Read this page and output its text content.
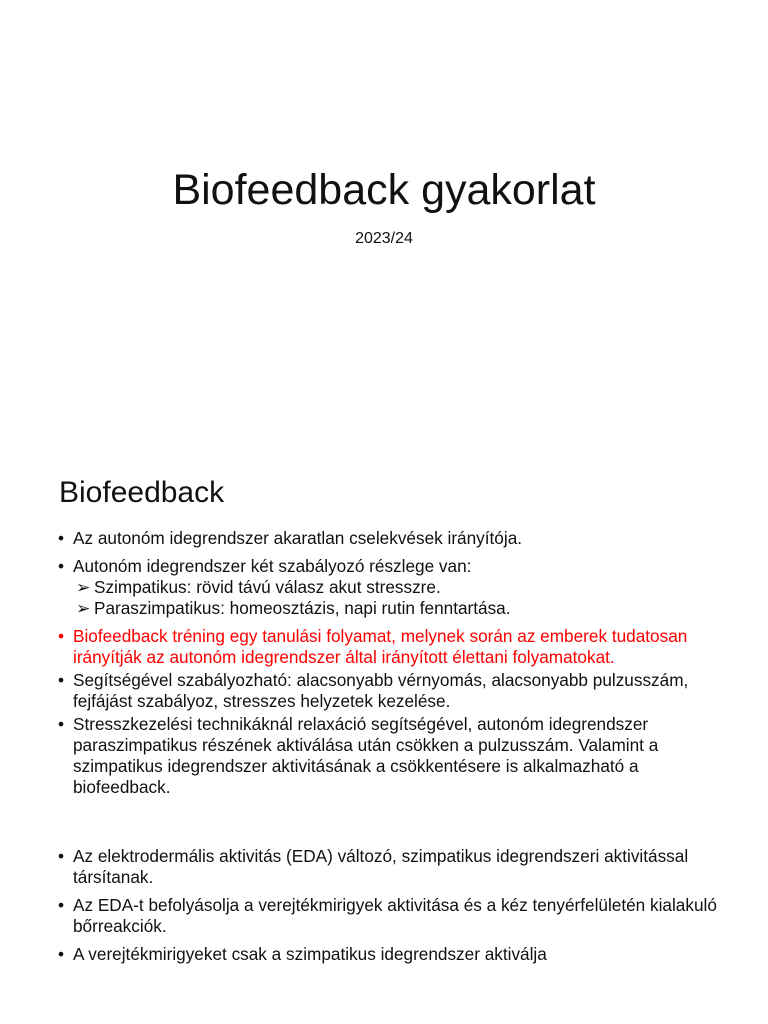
Biofeedback gyakorlat
2023/24
Biofeedback
• Az autonóm idegrendszer akaratlan cselekvések irányítója.
• Autonóm idegrendszer két szabályozó részlege van:
➢ Szimpatikus: rövid távú válasz akut stresszre.
➢ Paraszimpatikus: homeosztázis, napi rutin fenntartása.
• Biofeedback tréning egy tanulási folyamat, melynek során az emberek tudatosan irányítják az autonóm idegrendszer által irányított élettani folyamatokat.
• Segítségével szabályozható: alacsonyabb vérnyomás, alacsonyabb pulzusszám, fejfájást szabályoz, stresszes helyzetek kezelése.
• Stresszkezelési technikáknál relaxáció segítségével, autonóm idegrendszer paraszimpatikus részének aktiválása után csökken a pulzusszám. Valamint a szimpatikus idegrendszer aktivitásának a csökkentésere is alkalmazható a biofeedback.
• Az elektrodermális aktivitás (EDA) változó, szimpatikus idegrendszeri aktivitással társítanak.
• Az EDA-t befolyásolja a verejtékmirigyek aktivitása és a kéz tenyérfelületén kialakuló bőrreakciók.
• A verejtékmirigyeket csak a szimpatikus idegrendszer aktiválja
